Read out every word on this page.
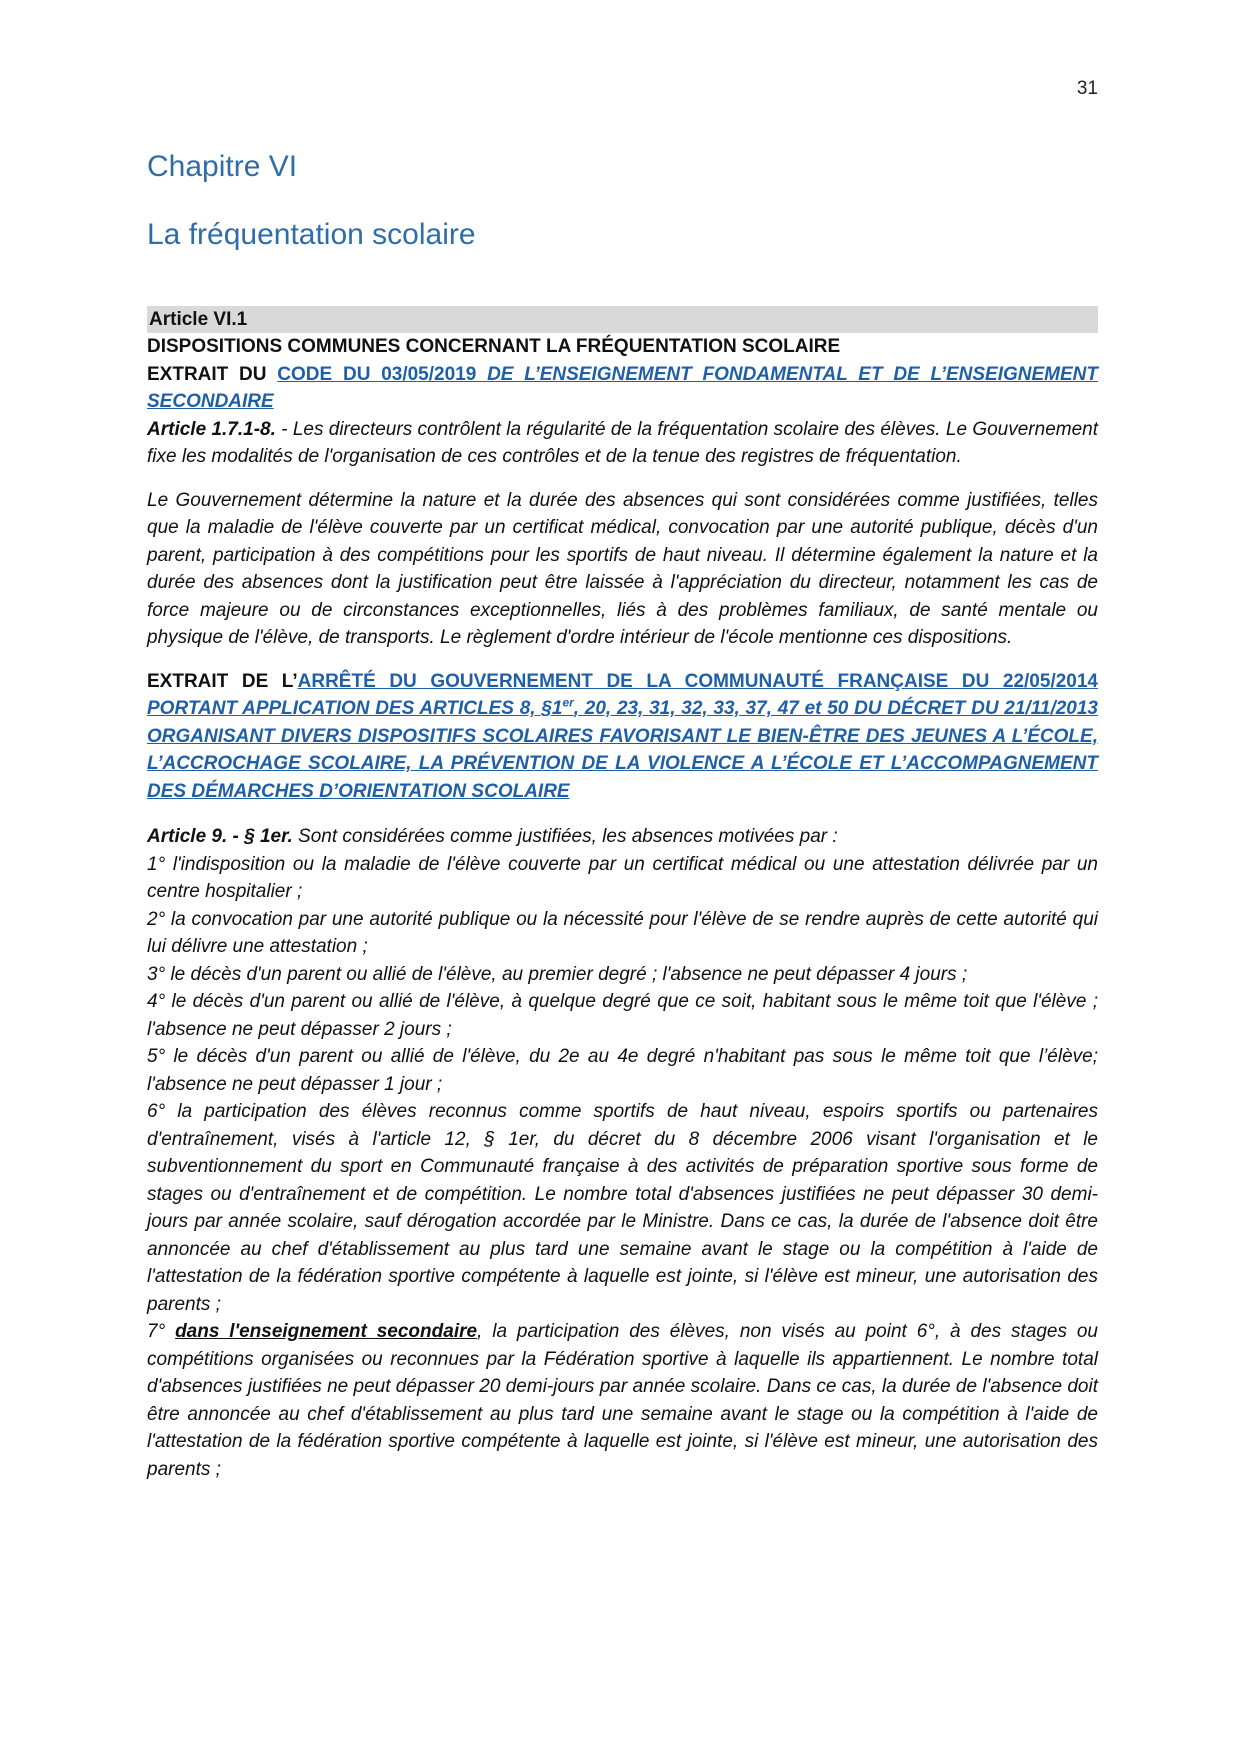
31
Chapitre VI
La fréquentation scolaire
Article VI.1
DISPOSITIONS COMMUNES CONCERNANT LA FRÉQUENTATION SCOLAIRE
EXTRAIT DU CODE DU 03/05/2019 DE L’ENSEIGNEMENT FONDAMENTAL ET DE L’ENSEIGNEMENT SECONDAIRE
Article 1.7.1-8. - Les directeurs contrôlent la régularité de la fréquentation scolaire des élèves. Le Gouvernement fixe les modalités de l'organisation de ces contrôles et de la tenue des registres de fréquentation.
Le Gouvernement détermine la nature et la durée des absences qui sont considérées comme justifiées, telles que la maladie de l'élève couverte par un certificat médical, convocation par une autorité publique, décès d'un parent, participation à des compétitions pour les sportifs de haut niveau. Il détermine également la nature et la durée des absences dont la justification peut être laissée à l'appréciation du directeur, notamment les cas de force majeure ou de circonstances exceptionnelles, liés à des problèmes familiaux, de santé mentale ou physique de l'élève, de transports. Le règlement d'ordre intérieur de l'école mentionne ces dispositions.
EXTRAIT DE L’ARRÊTÉ DU GOUVERNEMENT DE LA COMMUNAUTÉ FRANÇAISE DU 22/05/2014 PORTANT APPLICATION DES ARTICLES 8, §1er, 20, 23, 31, 32, 33, 37, 47 et 50 DU DÉCRET DU 21/11/2013 ORGANISANT DIVERS DISPOSITIFS SCOLAIRES FAVORISANT LE BIEN-ÊTRE DES JEUNES A L’ÉCOLE, L’ACCROCHAGE SCOLAIRE, LA PRÉVENTION DE LA VIOLENCE A L’ÉCOLE ET L’ACCOMPAGNEMENT DES DÉMARCHES D’ORIENTATION SCOLAIRE
Article 9. - § 1er. Sont considérées comme justifiées, les absences motivées par :
1° l'indisposition ou la maladie de l'élève couverte par un certificat médical ou une attestation délivrée par un centre hospitalier ;
2° la convocation par une autorité publique ou la nécessité pour l'élève de se rendre auprès de cette autorité qui lui délivre une attestation ;
3° le décès d'un parent ou allié de l'élève, au premier degré ; l'absence ne peut dépasser 4 jours ;
4° le décès d'un parent ou allié de l'élève, à quelque degré que ce soit, habitant sous le même toit que l'élève ; l'absence ne peut dépasser 2 jours ;
5° le décès d'un parent ou allié de l'élève, du 2e au 4e degré n'habitant pas sous le même toit que l’élève; l'absence ne peut dépasser 1 jour ;
6° la participation des élèves reconnus comme sportifs de haut niveau, espoirs sportifs ou partenaires d'entraînement, visés à l'article 12, § 1er, du décret du 8 décembre 2006 visant l'organisation et le subventionnement du sport en Communauté française à des activités de préparation sportive sous forme de stages ou d'entraînement et de compétition. Le nombre total d'absences justifiées ne peut dépasser 30 demi-jours par année scolaire, sauf dérogation accordée par le Ministre. Dans ce cas, la durée de l'absence doit être annoncée au chef d'établissement au plus tard une semaine avant le stage ou la compétition à l'aide de l'attestation de la fédération sportive compétente à laquelle est jointe, si l'élève est mineur, une autorisation des parents ;
7° dans l'enseignement secondaire, la participation des élèves, non visés au point 6°, à des stages ou compétitions organisées ou reconnues par la Fédération sportive à laquelle ils appartiennent. Le nombre total d'absences justifiées ne peut dépasser 20 demi-jours par année scolaire. Dans ce cas, la durée de l'absence doit être annoncée au chef d'établissement au plus tard une semaine avant le stage ou la compétition à l'aide de l'attestation de la fédération sportive compétente à laquelle est jointe, si l'élève est mineur, une autorisation des parents ;
